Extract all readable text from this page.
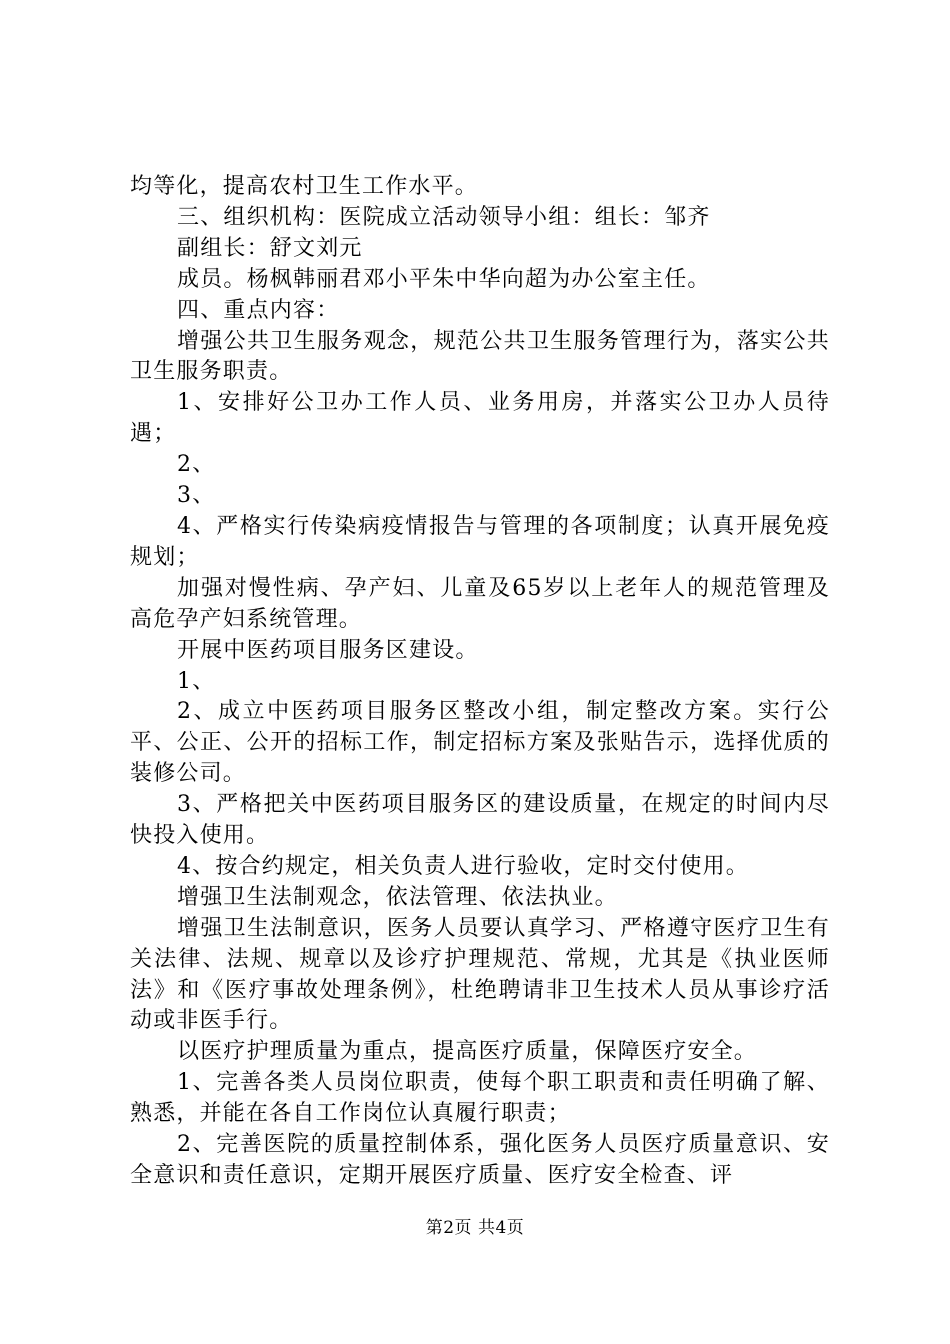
均等化，提高农村卫生工作水平。

三、组织机构：医院成立活动领导小组：组长：邹齐

副组长：舒文刘元

成员。杨枫韩丽君邓小平朱中华向超为办公室主任。

四、重点内容：

增强公共卫生服务观念，规范公共卫生服务管理行为，落实公共卫生服务职责。

1、安排好公卫办工作人员、业务用房，并落实公卫办人员待遇；

2、

3、

4、严格实行传染病疫情报告与管理的各项制度；认真开展免疫规划；

加强对慢性病、孕产妇、儿童及65岁以上老年人的规范管理及高危孕产妇系统管理。

开展中医药项目服务区建设。

1、

2、成立中医药项目服务区整改小组，制定整改方案。实行公平、公正、公开的招标工作，制定招标方案及张贴告示，选择优质的装修公司。

3、严格把关中医药项目服务区的建设质量，在规定的时间内尽快投入使用。

4、按合约规定，相关负责人进行验收，定时交付使用。

增强卫生法制观念，依法管理、依法执业。

增强卫生法制意识，医务人员要认真学习、严格遵守医疗卫生有关法律、法规、规章以及诊疗护理规范、常规，尤其是《执业医师法》和《医疗事故处理条例》，杜绝聘请非卫生技术人员从事诊疗活动或非医手行。

以医疗护理质量为重点，提高医疗质量，保障医疗安全。

1、完善各类人员岗位职责，使每个职工职责和责任明确了解、熟悉，并能在各自工作岗位认真履行职责；

2、完善医院的质量控制体系，强化医务人员医疗质量意识、安全意识和责任意识，定期开展医疗质量、医疗安全检查、评

第2页 共4页
